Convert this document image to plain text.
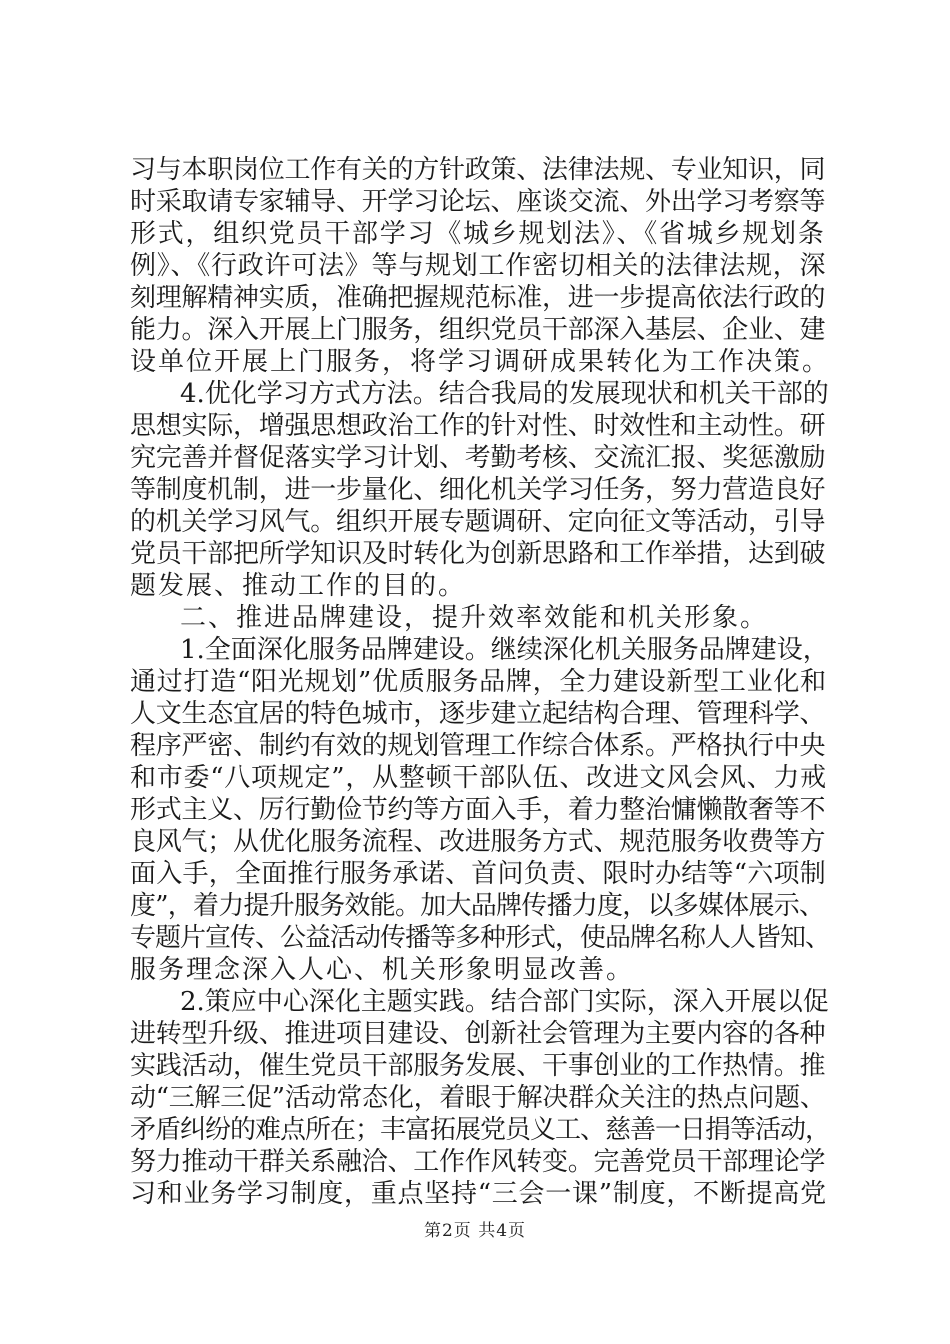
习与本职岗位工作有关的方针政策、法律法规、专业知识，同
时采取请专家辅导、开学习论坛、座谈交流、外出学习考察等
形式，组织党员干部学习《城乡规划法》、《省城乡规划条
例》、《行政许可法》等与规划工作密切相关的法律法规，深
刻理解精神实质，准确把握规范标准，进一步提高依法行政的
能力。深入开展上门服务，组织党员干部深入基层、企业、建
设单位开展上门服务，将学习调研成果转化为工作决策。
4.优化学习方式方法。结合我局的发展现状和机关干部的
思想实际，增强思想政治工作的针对性、时效性和主动性。研
究完善并督促落实学习计划、考勤考核、交流汇报、奖惩激励
等制度机制，进一步量化、细化机关学习任务，努力营造良好
的机关学习风气。组织开展专题调研、定向征文等活动，引导
党员干部把所学知识及时转化为创新思路和工作举措，达到破
题发展、推动工作的目的。
二、推进品牌建设，提升效率效能和机关形象。
1.全面深化服务品牌建设。继续深化机关服务品牌建设，
通过打造“阳光规划”优质服务品牌，全力建设新型工业化和
人文生态宜居的特色城市，逐步建立起结构合理、管理科学、
程序严密、制约有效的规划管理工作综合体系。严格执行中央
和市委“八项规定”，从整顿干部队伍、改进文风会风、力戒
形式主义、厉行勤俭节约等方面入手，着力整治慵懒散奢等不
良风气；从优化服务流程、改进服务方式、规范服务收费等方
面入手，全面推行服务承诺、首问负责、限时办结等“六项制
度”，着力提升服务效能。加大品牌传播力度，以多媒体展示、
专题片宣传、公益活动传播等多种形式，使品牌名称人人皆知、
服务理念深入人心、机关形象明显改善。
2.策应中心深化主题实践。结合部门实际，深入开展以促
进转型升级、推进项目建设、创新社会管理为主要内容的各种
实践活动，催生党员干部服务发展、干事创业的工作热情。推
动“三解三促”活动常态化，着眼于解决群众关注的热点问题、
矛盾纠纷的难点所在；丰富拓展党员义工、慈善一日捐等活动，
努力推动干群关系融洽、工作作风转变。完善党员干部理论学
习和业务学习制度，重点坚持“三会一课”制度，不断提高党
第2页 共4页
